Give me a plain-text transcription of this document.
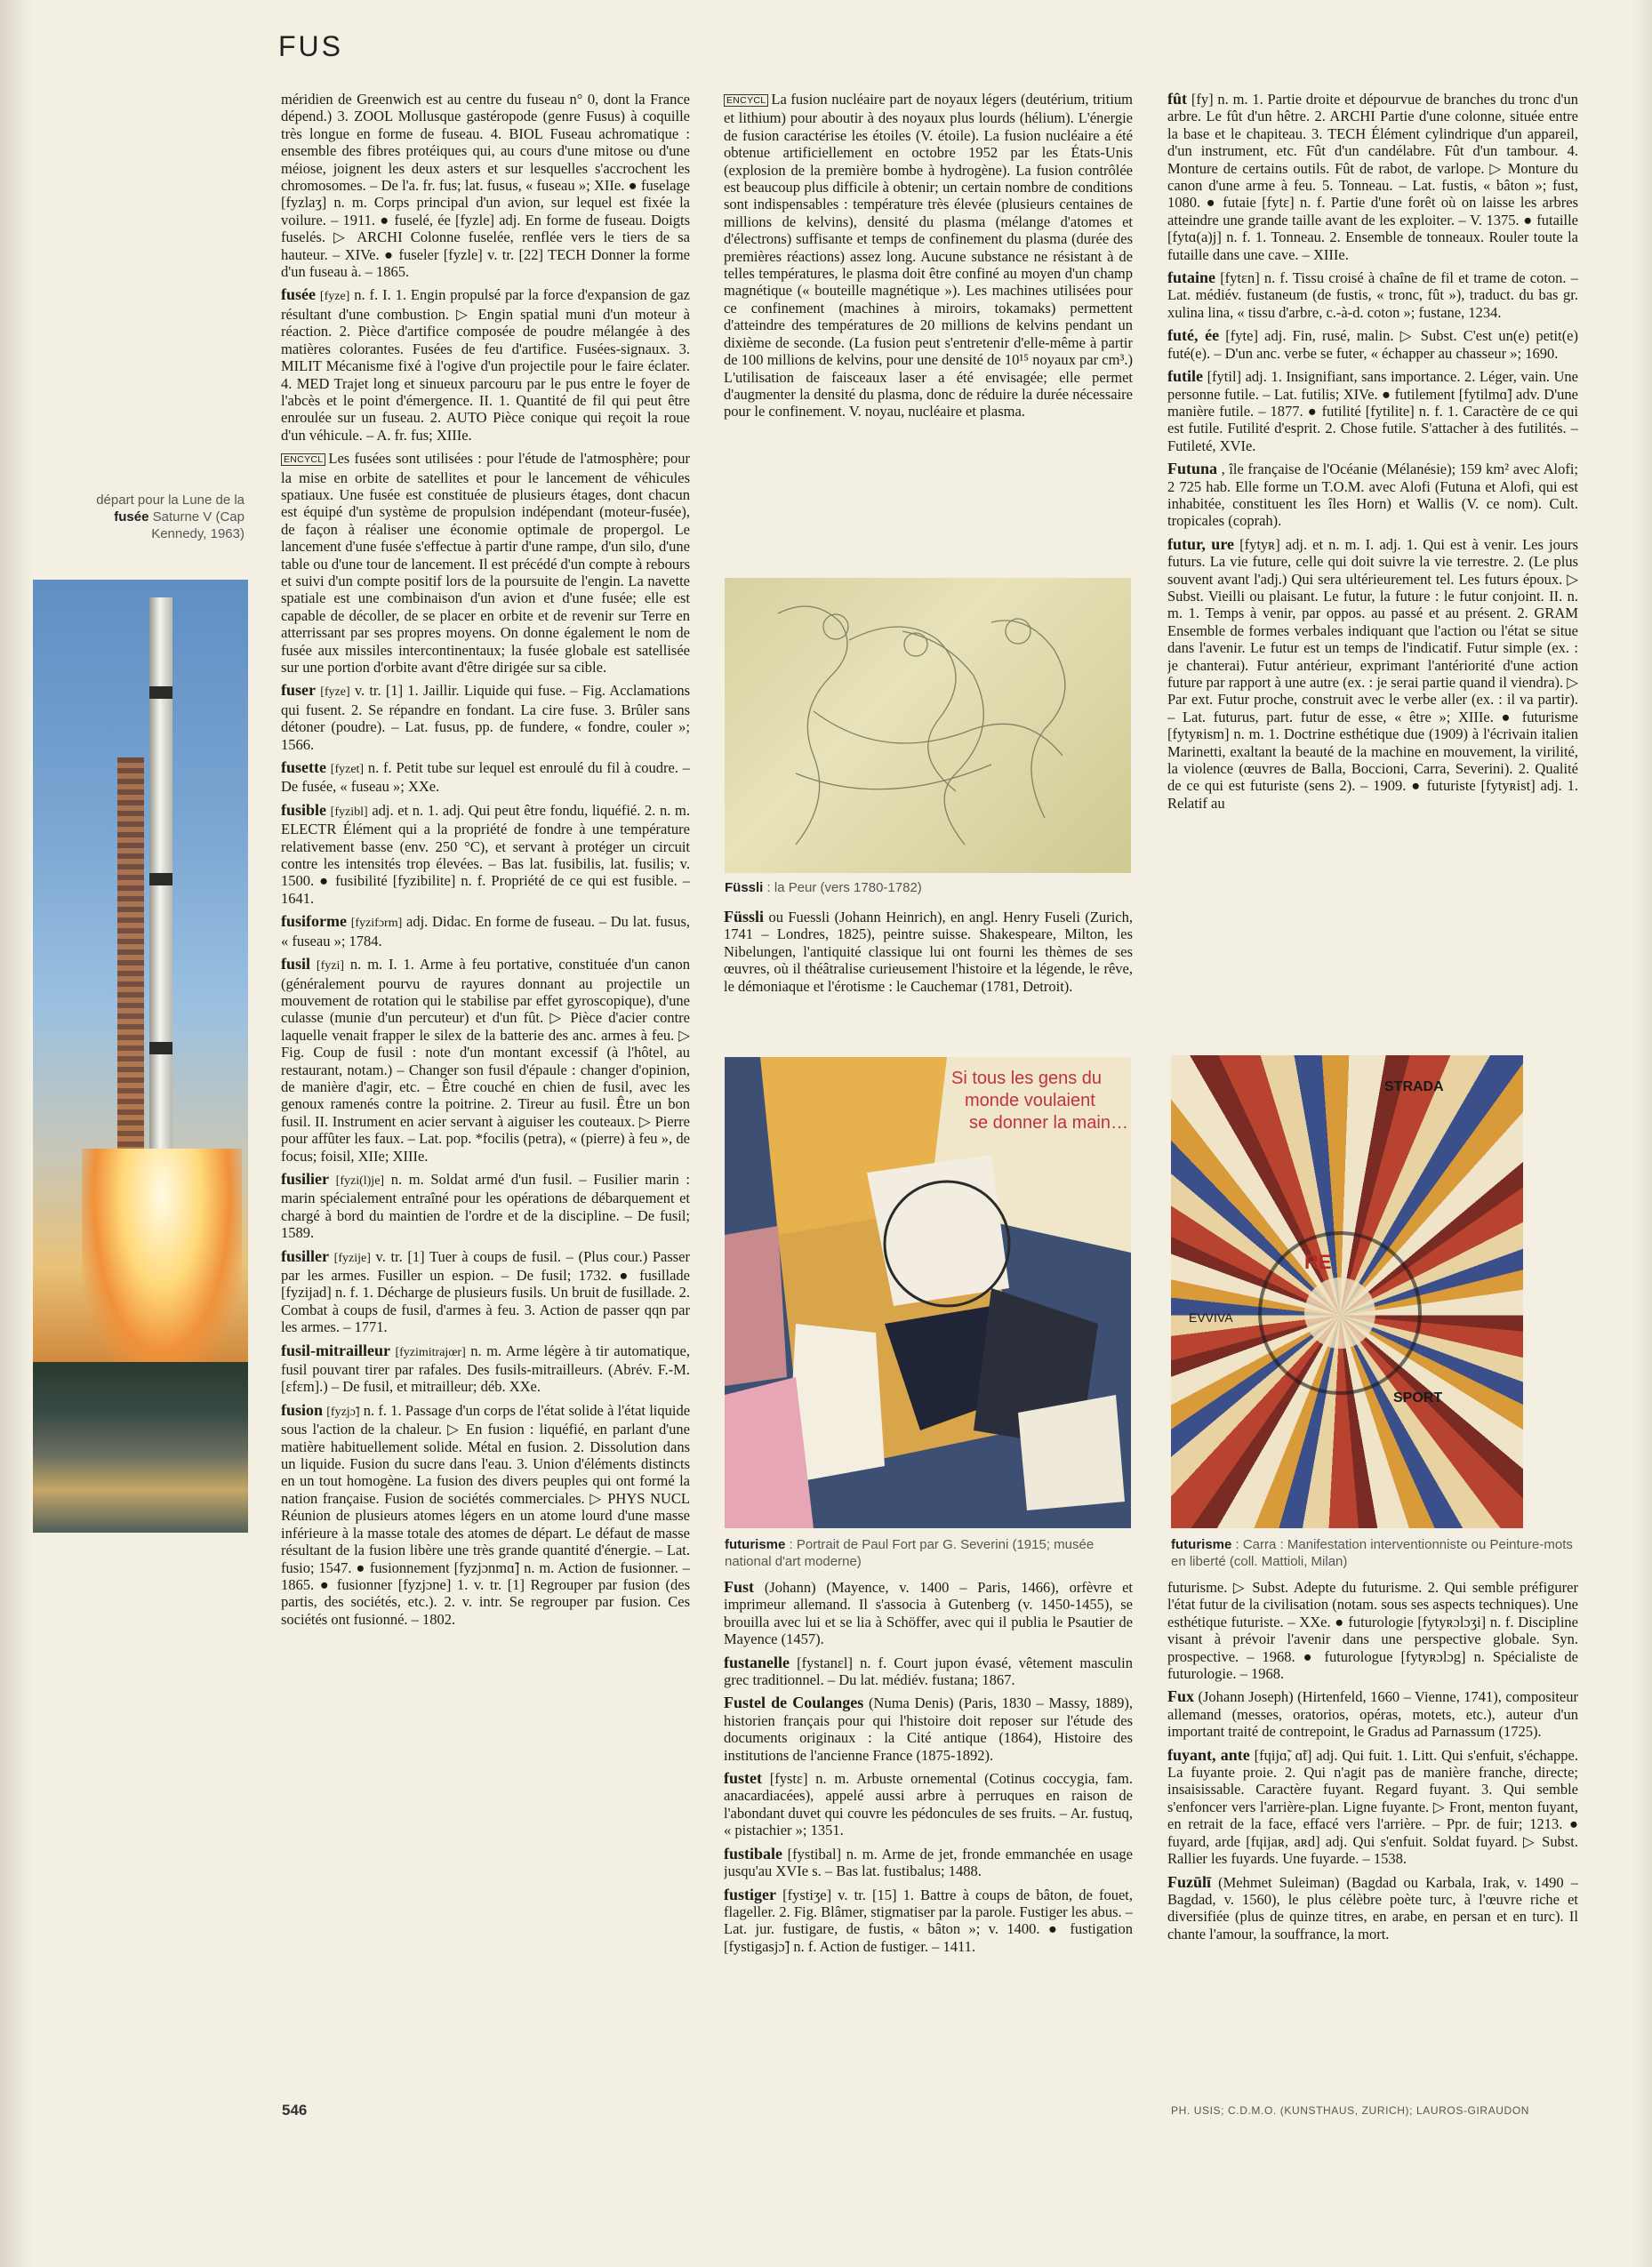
FUS
départ pour la Lune de la fusée Saturne V (Cap Kennedy, 1963)

méridien de Greenwich est au centre du fuseau n° 0, dont la France dépend.) 3. ZOOL Mollusque gastéropode (genre Fusus) à coquille très longue en forme de fuseau. 4. BIOL Fuseau achromatique : ensemble des fibres protéiques qui, au cours d'une mitose ou d'une méiose, joignent les deux asters et sur lesquelles s'accrochent les chromosomes. – De l'a. fr. fus; lat. fusus, « fuseau »; XIIe. ● fuselage [fyzlaʒ] n. m. Corps principal d'un avion, sur lequel est fixée la voilure. – 1911. ● fuselé, ée [fyzle] adj. En forme de fuseau. Doigts fuselés. ▷ ARCHI Colonne fuselée, renflée vers le tiers de sa hauteur. – XIVe. ● fuseler [fyzle] v. tr. [22] TECH Donner la forme d'un fuseau à. – 1865.

fusée [fyze] n. f. I. 1. Engin propulsé par la force d'expansion de gaz résultant d'une combustion. ▷ Engin spatial muni d'un moteur à réaction. 2. Pièce d'artifice composée de poudre mélangée à des matières colorantes. Fusées de feu d'artifice. Fusées-signaux. 3. MILIT Mécanisme fixé à l'ogive d'un projectile pour le faire éclater. 4. MED Trajet long et sinueux parcouru par le pus entre le foyer de l'abcès et le point d'émergence. II. 1. Quantité de fil qui peut être enroulée sur un fuseau. 2. AUTO Pièce conique qui reçoit la roue d'un véhicule. – A. fr. fus; XIIIe.

ENCYCL Les fusées sont utilisées : pour l'étude de l'atmosphère; pour la mise en orbite de satellites et pour le lancement de véhicules spatiaux. Une fusée est constituée de plusieurs étages, dont chacun est équipé d'un système de propulsion indépendant (moteur-fusée), de façon à réaliser une économie optimale de propergol. Le lancement d'une fusée s'effectue à partir d'une rampe, d'un silo, d'une table ou d'une tour de lancement. Il est précédé d'un compte à rebours et suivi d'un compte positif lors de la poursuite de l'engin. La navette spatiale est une combinaison d'un avion et d'une fusée; elle est capable de décoller, de se placer en orbite et de revenir sur Terre en atterrissant par ses propres moyens. On donne également le nom de fusée aux missiles intercontinentaux; la fusée globale est satellisée sur une portion d'orbite avant d'être dirigée sur sa cible.

fuser [fyze] v. tr. [1] 1. Jaillir. Liquide qui fuse. – Fig. Acclamations qui fusent. 2. Se répandre en fondant. La cire fuse. 3. Brûler sans détoner (poudre). – Lat. fusus, pp. de fundere, « fondre, couler »; 1566.

fusette [fyzet] n. f. Petit tube sur lequel est enroulé du fil à coudre. – De fusée, « fuseau »; XXe.

fusible [fyzibl] adj. et n. 1. adj. Qui peut être fondu, liquéfié. 2. n. m. ELECTR Élément qui a la propriété de fondre à une température relativement basse (env. 250 °C), et servant à protéger un circuit contre les intensités trop élevées. – Bas lat. fusibilis, lat. fusilis; v. 1500. ● fusibilité [fyzibilite] n. f. Propriété de ce qui est fusible. – 1641.

fusiforme [fyzifɔrm] adj. Didac. En forme de fuseau. – Du lat. fusus, « fuseau »; 1784.

fusil [fyzi] n. m. I. 1. Arme à feu portative, constituée d'un canon (généralement pourvu de rayures donnant au projectile un mouvement de rotation qui le stabilise par effet gyroscopique), d'une culasse (munie d'un percuteur) et d'un fût. ▷ Pièce d'acier contre laquelle venait frapper le silex de la batterie des anc. armes à feu. ▷ Fig. Coup de fusil : note d'un montant excessif (à l'hôtel, au restaurant, notam.) – Changer son fusil d'épaule : changer d'opinion, de manière d'agir, etc. – Être couché en chien de fusil, avec les genoux ramenés contre la poitrine. 2. Tireur au fusil. Être un bon fusil. II. Instrument en acier servant à aiguiser les couteaux. ▷ Pierre pour affûter les faux. – Lat. pop. *focilis (petra), « (pierre) à feu », de focus; foisil, XIIe; XIIIe.

fusilier [fyzi(l)je] n. m. Soldat armé d'un fusil. – Fusilier marin : marin spécialement entraîné pour les opérations de débarquement et chargé à bord du maintien de l'ordre et de la discipline. – De fusil; 1589.

fusiller [fyzije] v. tr. [1] Tuer à coups de fusil. – (Plus cour.) Passer par les armes. Fusiller un espion. – De fusil; 1732. ● fusillade [fyzijad] n. f. 1. Décharge de plusieurs fusils. Un bruit de fusillade. 2. Combat à coups de fusil, d'armes à feu. 3. Action de passer qqn par les armes. – 1771.

fusil-mitrailleur [fyzimitrajœr] n. m. Arme légère à tir automatique, fusil pouvant tirer par rafales. Des fusils-mitrailleurs. (Abrév. F.-M. [ɛfɛm].) – De fusil, et mitrailleur; déb. XXe.

fusion [fyzjɔ̃] n. f. 1. Passage d'un corps de l'état solide à l'état liquide sous l'action de la chaleur. ▷ En fusion : liquéfié, en parlant d'une matière habituellement solide. Métal en fusion. 2. Dissolution dans un liquide. Fusion du sucre dans l'eau. 3. Union d'éléments distincts en un tout homogène. La fusion des divers peuples qui ont formé la nation française. Fusion de sociétés commerciales. ▷ PHYS NUCL Réunion de plusieurs atomes légers en un atome lourd d'une masse inférieure à la masse totale des atomes de départ. Le défaut de masse résultant de la fusion libère une très grande quantité d'énergie. – Lat. fusio; 1547. ● fusionnement [fyzjɔnmɑ̃] n. m. Action de fusionner. – 1865. ● fusionner [fyzjɔne] 1. v. tr. [1] Regrouper par fusion (des partis, des sociétés, etc.). 2. v. intr. Se regrouper par fusion. Ces sociétés ont fusionné. – 1802.

ENCYCL La fusion nucléaire part de noyaux légers (deutérium, tritium et lithium) pour aboutir à des noyaux plus lourds (hélium). L'énergie de fusion caractérise les étoiles (V. étoile). La fusion nucléaire a été obtenue artificiellement en octobre 1952 par les États-Unis (explosion de la première bombe à hydrogène). La fusion contrôlée est beaucoup plus difficile à obtenir; un certain nombre de conditions sont indispensables : température très élevée (plusieurs centaines de millions de kelvins), densité du plasma (mélange d'atomes et d'électrons) suffisante et temps de confinement du plasma (durée des premières réactions) assez long. Aucune substance ne résistant à de telles températures, le plasma doit être confiné au moyen d'un champ magnétique (« bouteille magnétique »). Les machines utilisées pour ce confinement (machines à miroirs, tokamaks) permettent d'atteindre des températures de 20 millions de kelvins pendant un dixième de seconde. (La fusion peut s'entretenir d'elle-même à partir de 100 millions de kelvins, pour une densité de 10¹⁵ noyaux par cm³.) L'utilisation de faisceaux laser a été envisagée; elle permet d'augmenter la densité du plasma, donc de réduire la durée nécessaire pour le confinement. V. noyau, nucléaire et plasma.

Füssli : la Peur (vers 1780-1782)

Füssli ou Fuessli (Johann Heinrich), en angl. Henry Fuseli (Zurich, 1741 – Londres, 1825), peintre suisse. Shakespeare, Milton, les Nibelungen, l'antiquité classique lui ont fourni les thèmes de ses œuvres, où il théâtralise curieusement l'histoire et la légende, le rêve, le démoniaque et l'érotisme : le Cauchemar (1781, Detroit).

Si tous les gens du
monde voulaient
se donner la main…
futurisme : Portrait de Paul Fort par G. Severini (1915; musée national d'art moderne)

Fust (Johann) (Mayence, v. 1400 – Paris, 1466), orfèvre et imprimeur allemand. Il s'associa à Gutenberg (v. 1450-1455), se brouilla avec lui et se lia à Schöffer, avec qui il publia le Psautier de Mayence (1457).

fustanelle [fystanɛl] n. f. Court jupon évasé, vêtement masculin grec traditionnel. – Du lat. médiév. fustana; 1867.

Fustel de Coulanges (Numa Denis) (Paris, 1830 – Massy, 1889), historien français pour qui l'histoire doit reposer sur l'étude des documents originaux : la Cité antique (1864), Histoire des institutions de l'ancienne France (1875-1892).

fustet [fystɛ] n. m. Arbuste ornemental (Cotinus coccygia, fam. anacardiacées), appelé aussi arbre à perruques en raison de l'abondant duvet qui couvre les pédoncules de ses fruits. – Ar. fustuq, « pistachier »; 1351.

fustibale [fystibal] n. m. Arme de jet, fronde emmanchée en usage jusqu'au XVIe s. – Bas lat. fustibalus; 1488.

fustiger [fystiʒe] v. tr. [15] 1. Battre à coups de bâton, de fouet, flageller. 2. Fig. Blâmer, stigmatiser par la parole. Fustiger les abus. – Lat. jur. fustigare, de fustis, « bâton »; v. 1400. ● fustigation [fystigasjɔ̃] n. f. Action de fustiger. – 1411.

fût [fy] n. m. 1. Partie droite et dépourvue de branches du tronc d'un arbre. Le fût d'un hêtre. 2. ARCHI Partie d'une colonne, située entre la base et le chapiteau. 3. TECH Élément cylindrique d'un appareil, d'un instrument, etc. Fût d'un candélabre. Fût d'un tambour. 4. Monture de certains outils. Fût de rabot, de varlope. ▷ Monture du canon d'une arme à feu. 5. Tonneau. – Lat. fustis, « bâton »; fust, 1080. ● futaie [fytɛ] n. f. Partie d'une forêt où on laisse les arbres atteindre une grande taille avant de les exploiter. – V. 1375. ● futaille [fytɑ(a)j] n. f. 1. Tonneau. 2. Ensemble de tonneaux. Rouler toute la futaille dans une cave. – XIIIe.

futaine [fytɛn] n. f. Tissu croisé à chaîne de fil et trame de coton. – Lat. médiév. fustaneum (de fustis, « tronc, fût »), traduct. du bas gr. xulina lina, « tissu d'arbre, c.-à-d. coton »; fustane, 1234.

futé, ée [fyte] adj. Fin, rusé, malin. ▷ Subst. C'est un(e) petit(e) futé(e). – D'un anc. verbe se futer, « échapper au chasseur »; 1690.

futile [fytil] adj. 1. Insignifiant, sans importance. 2. Léger, vain. Une personne futile. – Lat. futilis; XIVe. ● futilement [fytilmɑ̃] adv. D'une manière futile. – 1877. ● futilité [fytilite] n. f. 1. Caractère de ce qui est futile. Futilité d'esprit. 2. Chose futile. S'attacher à des futilités. – Futileté, XVIe.

Futuna , île française de l'Océanie (Mélanésie); 159 km² avec Alofi; 2 725 hab. Elle forme un T.O.M. avec Alofi (Futuna et Alofi, qui est inhabitée, constituent les îles Horn) et Wallis (V. ce nom). Cult. tropicales (coprah).

futur, ure [fytyʀ] adj. et n. m. I. adj. 1. Qui est à venir. Les jours futurs. La vie future, celle qui doit suivre la vie terrestre. 2. (Le plus souvent avant l'adj.) Qui sera ultérieurement tel. Les futurs époux. ▷ Subst. Vieilli ou plaisant. Le futur, la future : le futur conjoint. II. n. m. 1. Temps à venir, par oppos. au passé et au présent. 2. GRAM Ensemble de formes verbales indiquant que l'action ou l'état se situe dans l'avenir. Le futur est un temps de l'indicatif. Futur simple (ex. : je chanterai). Futur antérieur, exprimant l'antériorité d'une action future par rapport à une autre (ex. : je serai partie quand il viendra). ▷ Par ext. Futur proche, construit avec le verbe aller (ex. : il va partir). – Lat. futurus, part. futur de esse, « être »; XIIIe. ● futurisme [fytyʀism] n. m. 1. Doctrine esthétique due (1909) à l'écrivain italien Marinetti, exaltant la beauté de la machine en mouvement, la virilité, la violence (œuvres de Balla, Boccioni, Carra, Severini). 2. Qualité de ce qui est futuriste (sens 2). – 1909. ● futuriste [fytyʀist] adj. 1. Relatif au

RE
STRADA
EVVIVA
SPORT
futurisme : Carra : Manifestation interventionniste ou Peinture-mots en liberté (coll. Mattioli, Milan)

futurisme. ▷ Subst. Adepte du futurisme. 2. Qui semble préfigurer l'état futur de la civilisation (notam. sous ses aspects techniques). Une esthétique futuriste. – XXe. ● futurologie [fytyʀɔlɔʒi] n. f. Discipline visant à prévoir l'avenir dans une perspective globale. Syn. prospective. – 1968. ● futurologue [fytyʀɔlɔg] n. Spécialiste de futurologie. – 1968.

Fux (Johann Joseph) (Hirtenfeld, 1660 – Vienne, 1741), compositeur allemand (messes, oratorios, opéras, motets, etc.), auteur d'un important traité de contrepoint, le Gradus ad Parnassum (1725).

fuyant, ante [fɥijɑ̃, ɑ̃t] adj. Qui fuit. 1. Litt. Qui s'enfuit, s'échappe. La fuyante proie. 2. Qui n'agit pas de manière franche, directe; insaisissable. Caractère fuyant. Regard fuyant. 3. Qui semble s'enfoncer vers l'arrière-plan. Ligne fuyante. ▷ Front, menton fuyant, en retrait de la face, effacé vers l'arrière. – Ppr. de fuir; 1213. ● fuyard, arde [fɥijaʀ, aʀd] adj. Qui s'enfuit. Soldat fuyard. ▷ Subst. Rallier les fuyards. Une fuyarde. – 1538.

Fuzūlī (Mehmet Suleiman) (Bagdad ou Karbala, Irak, v. 1490 – Bagdad, v. 1560), le plus célèbre poète turc, à l'œuvre riche et diversifiée (plus de quinze titres, en arabe, en persan et en turc). Il chante l'amour, la souffrance, la mort.

546	PH. USIS; C.D.M.O. (KUNSTHAUS, ZURICH); LAUROS-GIRAUDON
